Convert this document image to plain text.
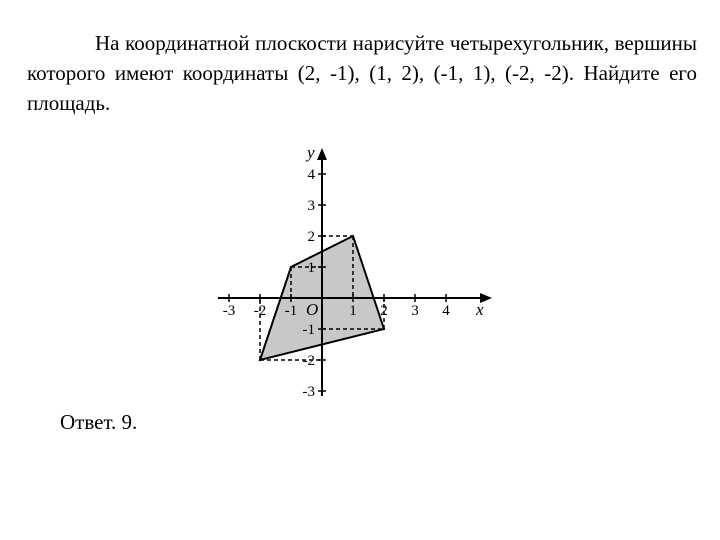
На координатной плоскости нарисуйте четырехугольник, вершины которого имеют координаты (2, -1), (1, 2), (-1, 1), (-2, -2). Найдите его площадь.

-3 -2 -1	1 2 3 4
4
3
2
1
-1
-2
-3
y
x
O
Ответ. 9.
